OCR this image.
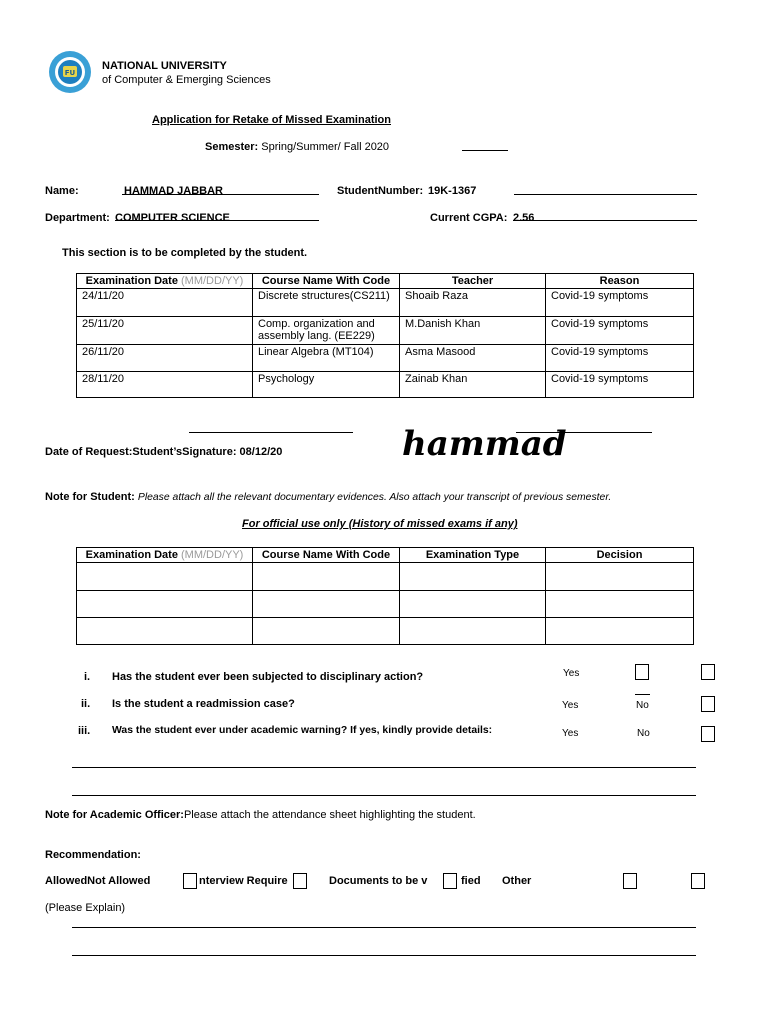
FU
NATIONAL UNIVERSITY
of Computer & Emerging Sciences
Application for Retake of Missed Examination
Semester: Spring/Summer/ Fall 2020
Name:	HAMMAD JABBAR	StudentNumber: 19K-1367
Department: COMPUTER SCIENCE	Current CGPA: 2.56
This section is to be completed by the student.
Examination Date (MM/DD/YY)	Course Name With Code	Teacher	Reason
24/11/20	Discrete structures(CS211)	Shoaib Raza	Covid-19 symptoms
25/11/20	Comp. organization and assembly lang. (EE229)	M.Danish Khan	Covid-19 symptoms
26/11/20	Linear Algebra (MT104)	Asma Masood	Covid-19 symptoms
28/11/20	Psychology	Zainab Khan	Covid-19 symptoms
hammad
Date of Request:Student’sSignature: 08/12/20
Note for Student: Please attach all the relevant documentary evidences. Also attach your transcript of previous semester.
For official use only (History of missed exams if any)
Examination Date (MM/DD/YY)	Course Name With Code	Examination Type	Decision

i. Has the student ever been subjected to disciplinary action?	Yes
ii. Is the student a readmission case?	Yes	No
iii. Was the student ever under academic warning? If yes, kindly provide details:	Yes	No
Note for Academic Officer:Please attach the attendance sheet highlighting the student.
Recommendation:
AllowedNot Allowed	nterview Require	Documents to be v	fied Other
(Please Explain)
